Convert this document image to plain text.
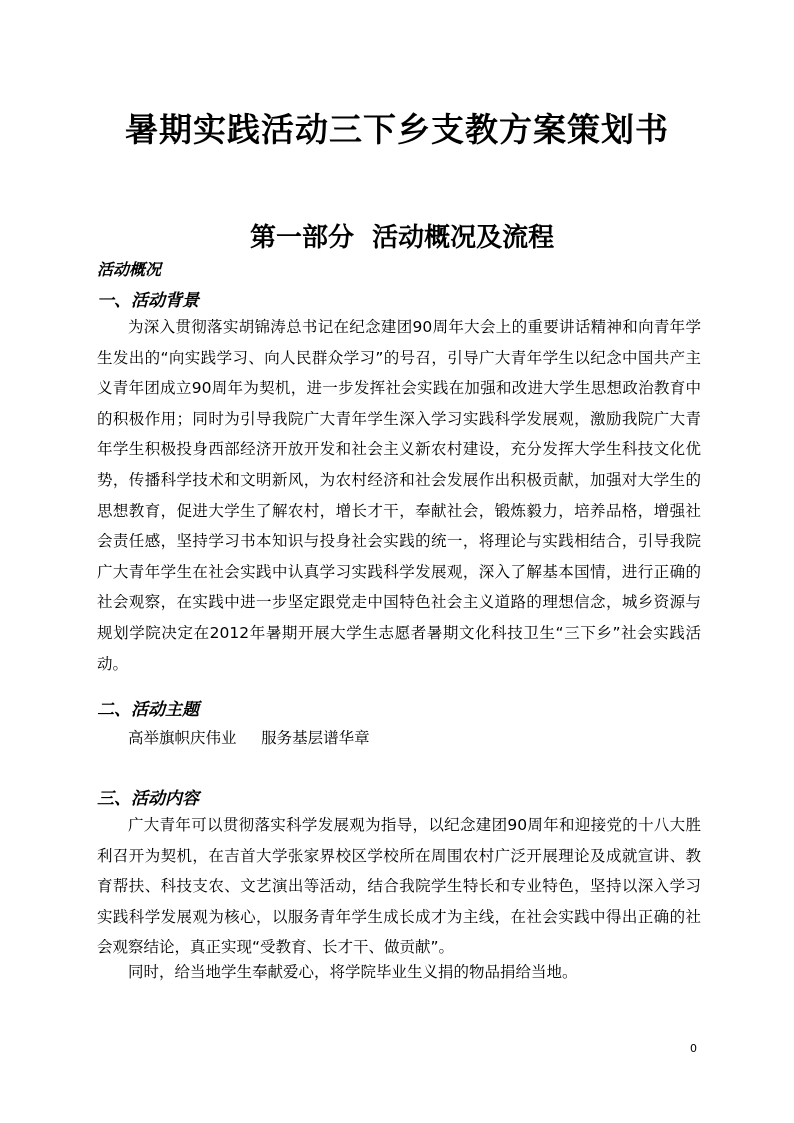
暑期实践活动三下乡支教方案策划书
第一部分  活动概况及流程
活动概况
一、活动背景

为深入贯彻落实胡锦涛总书记在纪念建团90周年大会上的重要讲话精神和向青年学生发出的“向实践学习、向人民群众学习”的号召，引导广大青年学生以纪念中国共产主义青年团成立90周年为契机，进一步发挥社会实践在加强和改进大学生思想政治教育中的积极作用；同时为引导我院广大青年学生深入学习实践科学发展观，激励我院广大青年学生积极投身西部经济开放开发和社会主义新农村建设，充分发挥大学生科技文化优势，传播科学技术和文明新风，为农村经济和社会发展作出积极贡献，加强对大学生的思想教育，促进大学生了解农村，增长才干，奉献社会，锻炼毅力，培养品格，增强社会责任感，坚持学习书本知识与投身社会实践的统一，将理论与实践相结合，引导我院广大青年学生在社会实践中认真学习实践科学发展观，深入了解基本国情，进行正确的社会观察，在实践中进一步坚定跟党走中国特色社会主义道路的理想信念，城乡资源与规划学院决定在2012年暑期开展大学生志愿者暑期文化科技卫生“三下乡”社会实践活动。

二、活动主题
高举旗帜庆伟业     服务基层谱华章
三、活动内容

广大青年可以贯彻落实科学发展观为指导，以纪念建团90周年和迎接党的十八大胜利召开为契机，在吉首大学张家界校区学校所在周围农村广泛开展理论及成就宣讲、教育帮扶、科技支农、文艺演出等活动，结合我院学生特长和专业特色，坚持以深入学习实践科学发展观为核心，以服务青年学生成长成才为主线，在社会实践中得出正确的社会观察结论，真正实现“受教育、长才干、做贡献”。

同时，给当地学生奉献爱心，将学院毕业生义捐的物品捐给当地。

0
